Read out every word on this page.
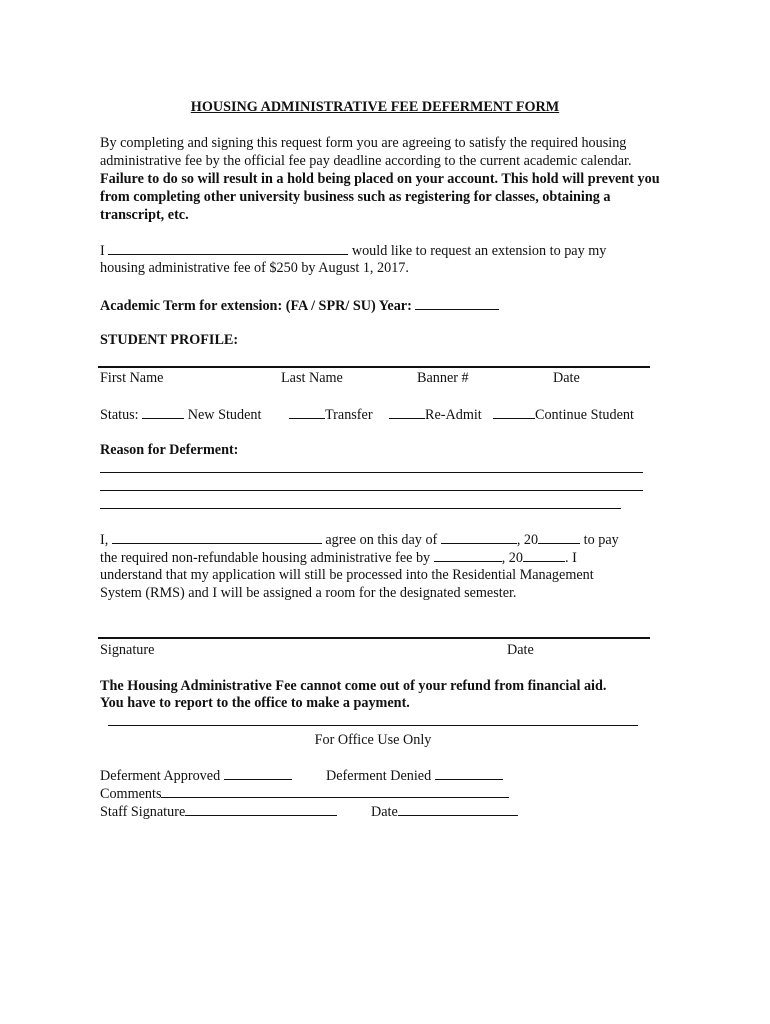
HOUSING ADMINISTRATIVE FEE DEFERMENT FORM
By completing and signing this request form you are agreeing to satisfy the required housing administrative fee by the official fee pay deadline according to the current academic calendar. Failure to do so will result in a hold being placed on your account. This hold will prevent you from completing other university business such as registering for classes, obtaining a transcript, etc.
I	would like to request an extension to pay my
housing administrative fee of $250 by August 1, 2017.
Academic Term for extension: (FA / SPR/ SU) Year:
STUDENT PROFILE:
First Name	Last Name	Banner #	Date
Status:	New Student	Transfer	Re-Admit	Continue Student
Reason for Deferment:
I,	agree on this day of	, 20	to pay
the required non-refundable housing administrative fee by	, 20	. I
understand that my application will still be processed into the Residential Management
System (RMS) and I will be assigned a room for the designated semester.
Signature	Date
The Housing Administrative Fee cannot come out of your refund from financial aid.
You have to report to the office to make a payment.
For Office Use Only
Deferment Approved	Deferment Denied
Comments
Staff Signature	Date
